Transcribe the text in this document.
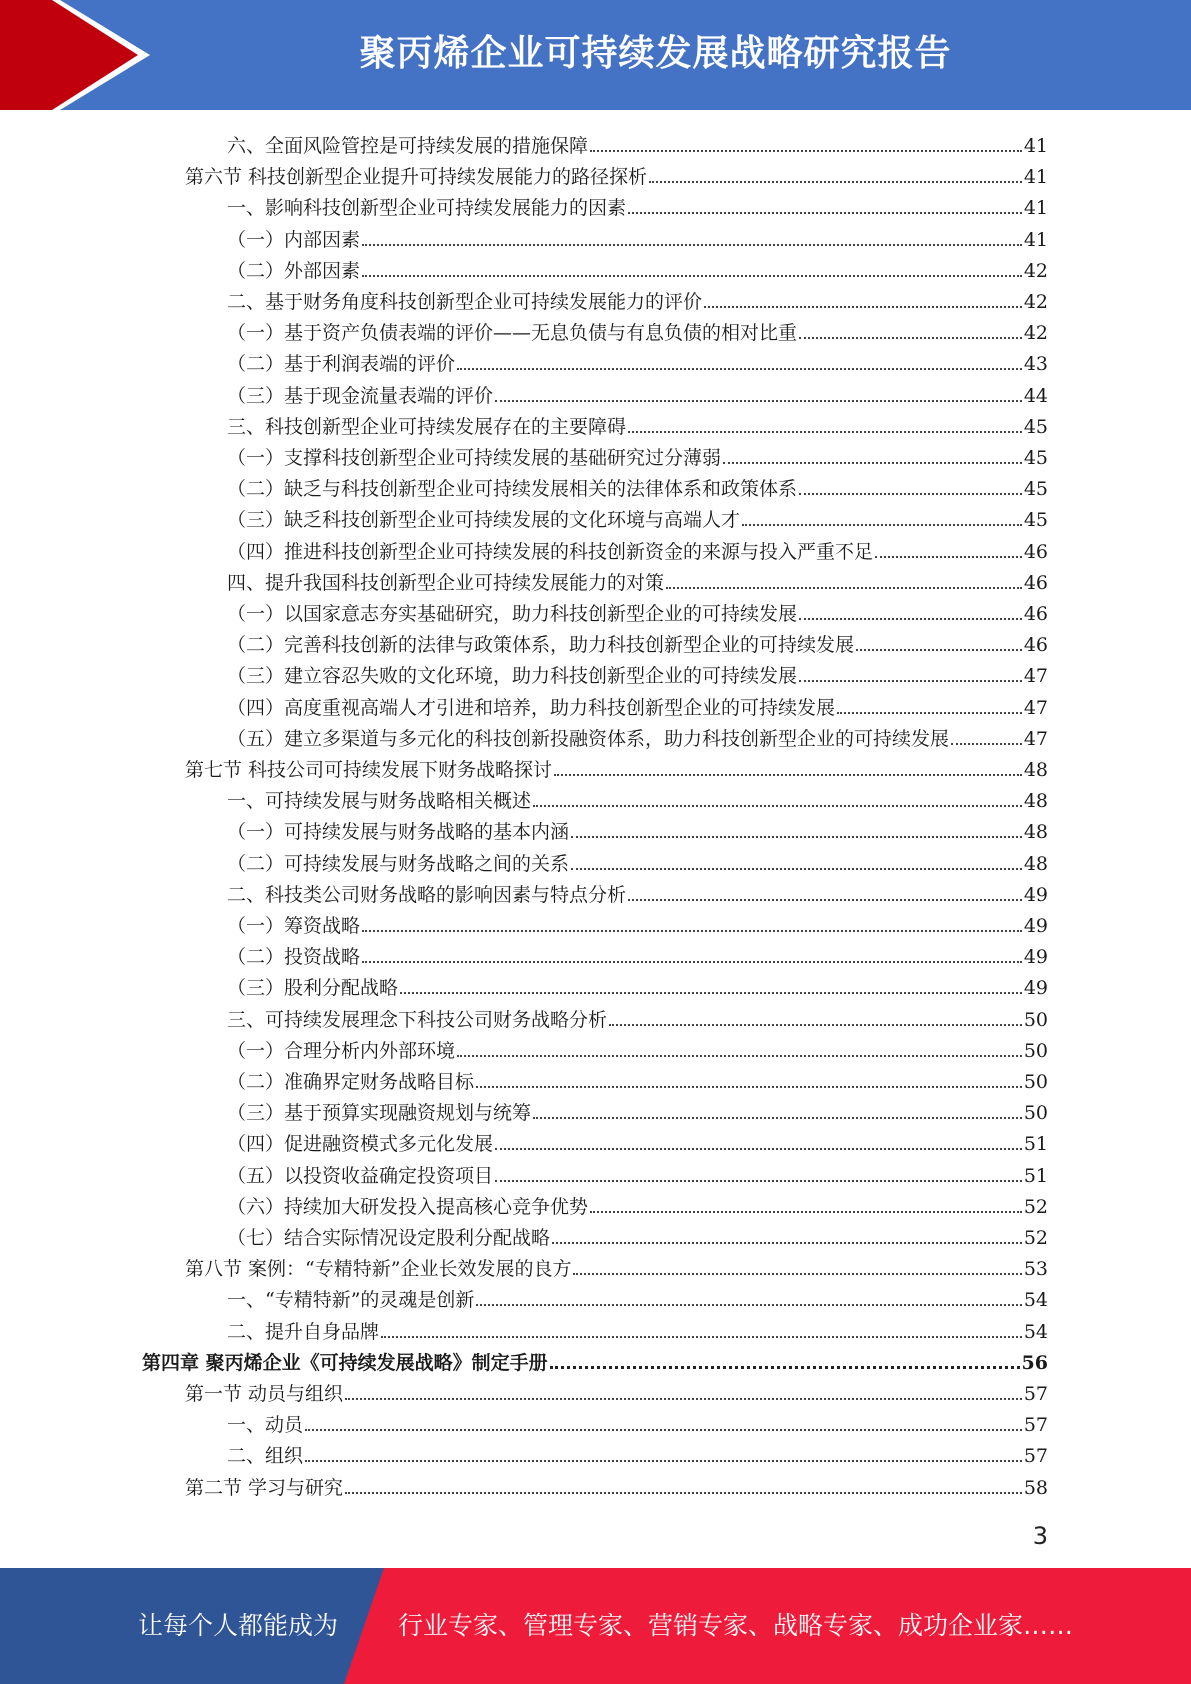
聚丙烯企业可持续发展战略研究报告
六、全面风险管控是可持续发展的措施保障	41
第六节 科技创新型企业提升可持续发展能力的路径探析	41
一、影响科技创新型企业可持续发展能力的因素	41
（一）内部因素	41
（二）外部因素	42
二、基于财务角度科技创新型企业可持续发展能力的评价	42
（一）基于资产负债表端的评价——无息负债与有息负债的相对比重	42
（二）基于利润表端的评价	43
（三）基于现金流量表端的评价	44
三、科技创新型企业可持续发展存在的主要障碍	45
（一）支撑科技创新型企业可持续发展的基础研究过分薄弱	45
（二）缺乏与科技创新型企业可持续发展相关的法律体系和政策体系	45
（三）缺乏科技创新型企业可持续发展的文化环境与高端人才	45
（四）推进科技创新型企业可持续发展的科技创新资金的来源与投入严重不足	46
四、提升我国科技创新型企业可持续发展能力的对策	46
（一）以国家意志夯实基础研究，助力科技创新型企业的可持续发展	46
（二）完善科技创新的法律与政策体系，助力科技创新型企业的可持续发展	46
（三）建立容忍失败的文化环境，助力科技创新型企业的可持续发展	47
（四）高度重视高端人才引进和培养，助力科技创新型企业的可持续发展	47
（五）建立多渠道与多元化的科技创新投融资体系，助力科技创新型企业的可持续发展	47
第七节 科技公司可持续发展下财务战略探讨	48
一、可持续发展与财务战略相关概述	48
（一）可持续发展与财务战略的基本内涵	48
（二）可持续发展与财务战略之间的关系	48
二、科技类公司财务战略的影响因素与特点分析	49
（一）筹资战略	49
（二）投资战略	49
（三）股利分配战略	49
三、可持续发展理念下科技公司财务战略分析	50
（一）合理分析内外部环境	50
（二）准确界定财务战略目标	50
（三）基于预算实现融资规划与统筹	50
（四）促进融资模式多元化发展	51
（五）以投资收益确定投资项目	51
（六）持续加大研发投入提高核心竞争优势	52
（七）结合实际情况设定股利分配战略	52
第八节 案例：“专精特新”企业长效发展的良方	53
一、“专精特新”的灵魂是创新	54
二、提升自身品牌	54
第四章 聚丙烯企业《可持续发展战略》制定手册	56
第一节 动员与组织	57
一、动员	57
二、组织	57
第二节 学习与研究	58
3
让每个人都能成为 行业专家、管理专家、营销专家、战略专家、成功企业家……
